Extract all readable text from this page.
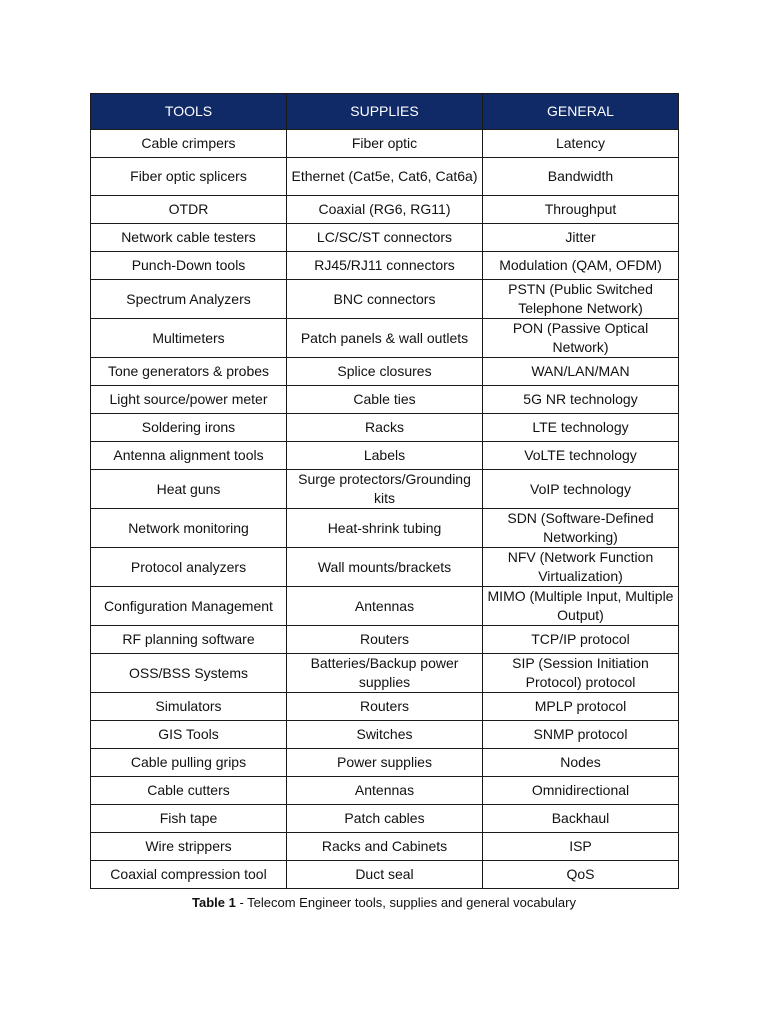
TOOLS	SUPPLIES	GENERAL
Cable crimpers	Fiber optic	Latency
Fiber optic splicers	Ethernet (Cat5e, Cat6, Cat6a)	Bandwidth
OTDR	Coaxial (RG6, RG11)	Throughput
Network cable testers	LC/SC/ST connectors	Jitter
Punch-Down tools	RJ45/RJ11 connectors	Modulation (QAM, OFDM)
Spectrum Analyzers	BNC connectors	PSTN (Public Switched Telephone Network)
Multimeters	Patch panels & wall outlets	PON (Passive Optical Network)
Tone generators & probes	Splice closures	WAN/LAN/MAN
Light source/power meter	Cable ties	5G NR technology
Soldering irons	Racks	LTE technology
Antenna alignment tools	Labels	VoLTE technology
Heat guns	Surge protectors/Grounding kits	VoIP technology
Network monitoring	Heat-shrink tubing	SDN (Software-Defined Networking)
Protocol analyzers	Wall mounts/brackets	NFV (Network Function Virtualization)
Configuration Management	Antennas	MIMO (Multiple Input, Multiple Output)
RF planning software	Routers	TCP/IP protocol
OSS/BSS Systems	Batteries/Backup power supplies	SIP (Session Initiation Protocol) protocol
Simulators	Routers	MPLP protocol
GIS Tools	Switches	SNMP protocol
Cable pulling grips	Power supplies	Nodes
Cable cutters	Antennas	Omnidirectional
Fish tape	Patch cables	Backhaul
Wire strippers	Racks and Cabinets	ISP
Coaxial compression tool	Duct seal	QoS
Table 1 - Telecom Engineer tools, supplies and general vocabulary
